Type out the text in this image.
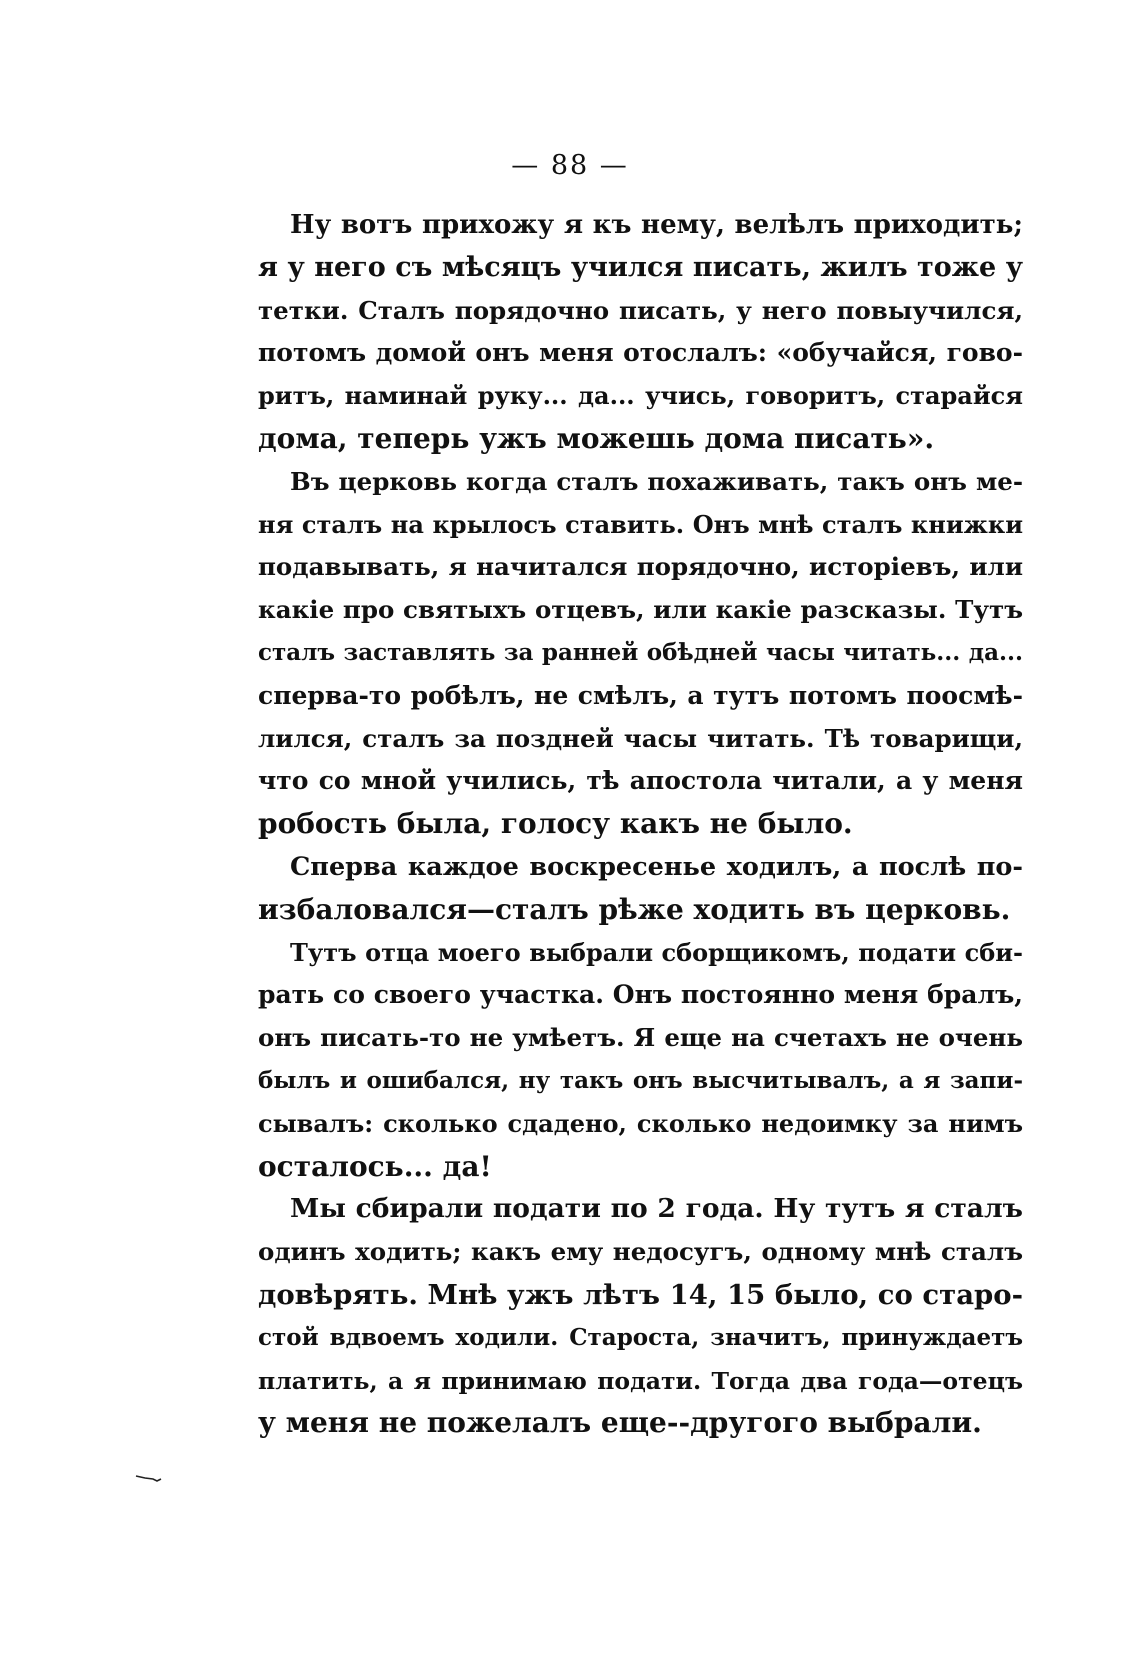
— 88 —
Ну вотъ прихожу я къ нему, велѣлъ приходить;
я у него съ мѣсяцъ учился писать, жилъ тоже у
тетки. Сталъ порядочно писать, у него повыучился,
потомъ домой онъ меня отослалъ: «обучайся, гово-
ритъ, наминай руку... да... учись, говоритъ, старайся
дома, теперь ужъ можешь дома писать».
Въ церковь когда сталъ похаживать, такъ онъ ме-
ня сталъ на крылосъ ставить. Онъ мнѣ сталъ книжки
подавывать, я начитался порядочно, исторіевъ, или
какіе про святыхъ отцевъ, или какіе разсказы. Тутъ
сталъ заставлять за ранней обѣдней часы читать... да...
сперва-то робѣлъ, не смѣлъ, а тутъ потомъ поосмѣ-
лился, сталъ за поздней часы читать. Тѣ товарищи,
что со мной учились, тѣ апостола читали, а у меня
робость была, голосу какъ не было.
Сперва каждое воскресенье ходилъ, а послѣ по-
избаловался—сталъ рѣже ходить въ церковь.
Тутъ отца моего выбрали сборщикомъ, подати сби-
рать со своего участка. Онъ постоянно меня бралъ,
онъ писать-то не умѣетъ. Я еще на счетахъ не очень
былъ и ошибался, ну такъ онъ высчитывалъ, а я запи-
сывалъ: сколько сдадено, сколько недоимку за нимъ
осталось... да!
Мы сбирали подати по 2 года. Ну тутъ я сталъ
одинъ ходить; какъ ему недосугъ, одному мнѣ сталъ
довѣрять. Мнѣ ужъ лѣтъ 14, 15 было, со старо-
стой вдвоемъ ходили. Староста, значитъ, принуждаетъ
платить, а я принимаю подати. Тогда два года—отецъ
у меня не пожелалъ еще--другого выбрали.
